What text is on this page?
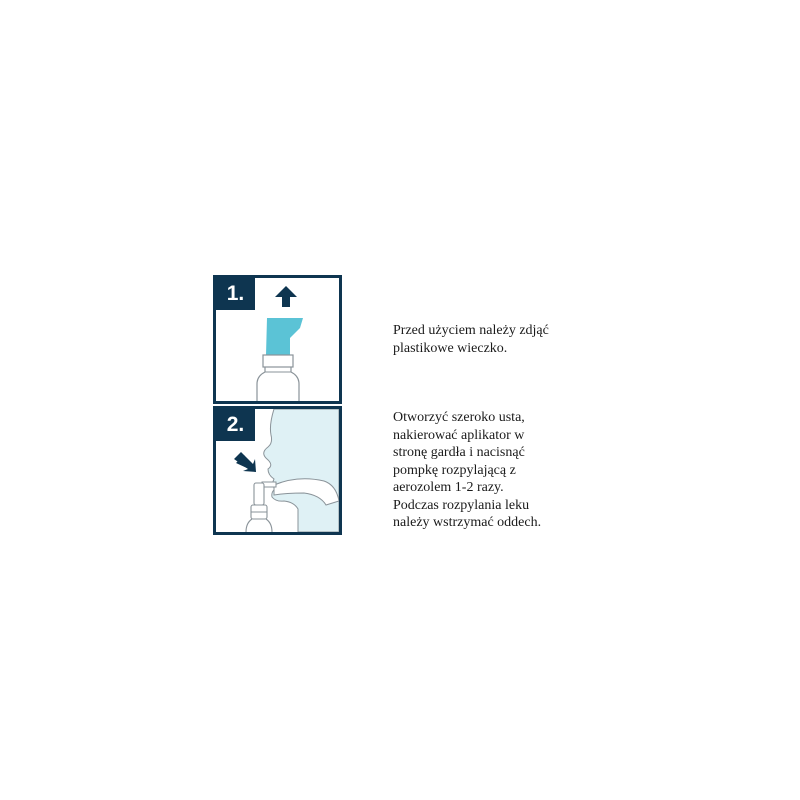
1.
2.

Przed użyciem należy zdjąć
plastikowe wieczko.

Otworzyć szeroko usta,
nakierować aplikator w
stronę gardła i nacisnąć
pompkę rozpylającą z
aerozolem 1-2 razy.
Podczas rozpylania leku
należy wstrzymać oddech.
